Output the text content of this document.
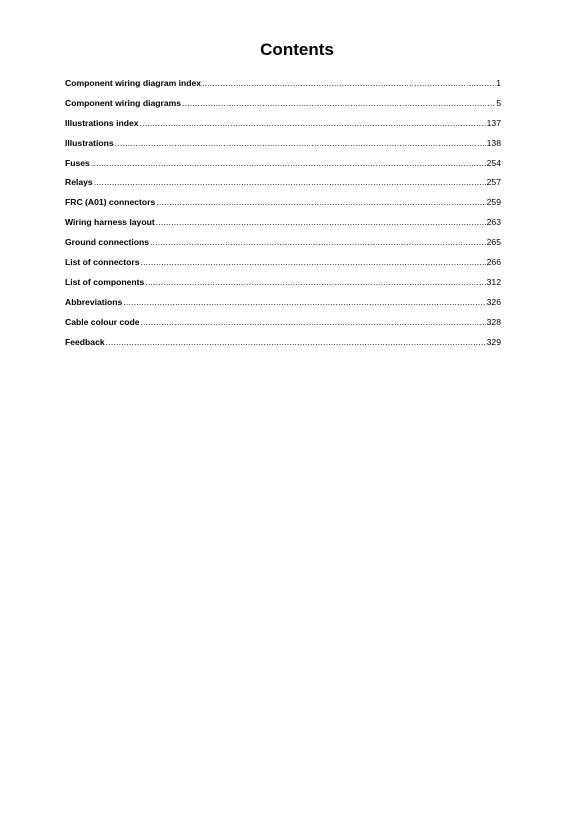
Contents
Component wiring diagram index .....	1
Component wiring diagrams .....	5
Illustrations index .....	137
Illustrations .....	138
Fuses .....	254
Relays .....	257
FRC (A01) connectors .....	259
Wiring harness layout .....	263
Ground connections .....	265
List of connectors .....	266
List of components .....	312
Abbreviations .....	326
Cable colour code .....	328
Feedback .....	329
